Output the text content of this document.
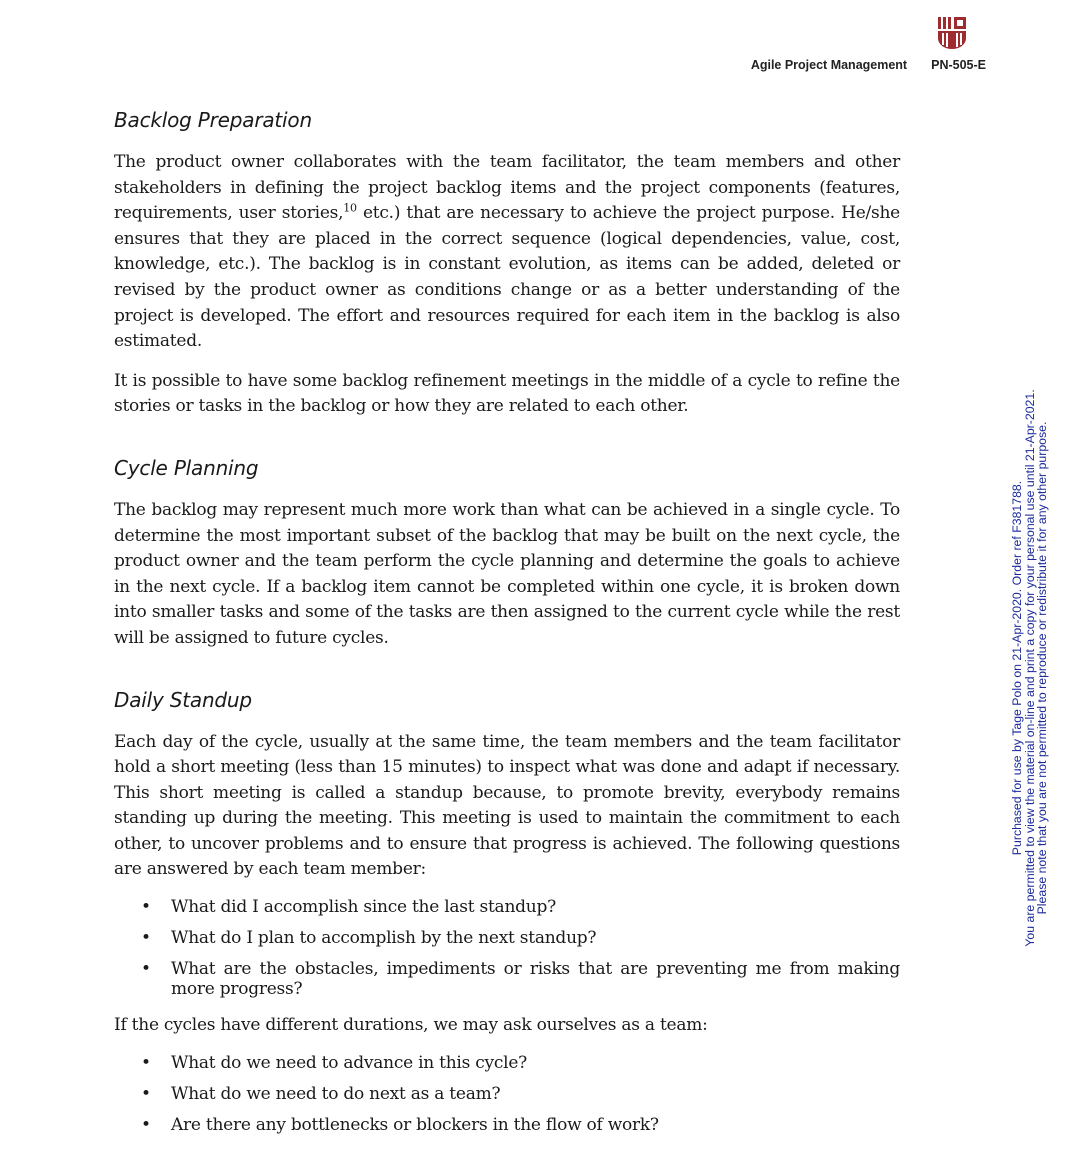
Agile Project Management PN-505-E
Backlog Preparation

The product owner collaborates with the team facilitator, the team members and other stakeholders in defining the project backlog items and the project components (features, requirements, user stories,$^{10}$ etc.) that are necessary to achieve the project purpose. He/she ensures that they are placed in the correct sequence (logical dependencies, value, cost, knowledge, etc.). The backlog is in constant evolution, as items can be added, deleted or revised by the product owner as conditions change or as a better understanding of the project is developed. The effort and resources required for each item in the backlog is also estimated.

It is possible to have some backlog refinement meetings in the middle of a cycle to refine the stories or tasks in the backlog or how they are related to each other.

Cycle Planning

The backlog may represent much more work than what can be achieved in a single cycle. To determine the most important subset of the backlog that may be built on the next cycle, the product owner and the team perform the cycle planning and determine the goals to achieve in the next cycle. If a backlog item cannot be completed within one cycle, it is broken down into smaller tasks and some of the tasks are then assigned to the current cycle while the rest will be assigned to future cycles.

Daily Standup

Each day of the cycle, usually at the same time, the team members and the team facilitator hold a short meeting (less than 15 minutes) to inspect what was done and adapt if necessary. This short meeting is called a standup because, to promote brevity, everybody remains standing up during the meeting. This meeting is used to maintain the commitment to each other, to uncover problems and to ensure that progress is achieved. The following questions are answered by each team member:

• What did I accomplish since the last standup?
• What do I plan to accomplish by the next standup?
• What are the obstacles, impediments or risks that are preventing me from making more progress?

If the cycles have different durations, we may ask ourselves as a team:

• What do we need to advance in this cycle?
• What do we need to do next as a team?
• Are there any bottlenecks or blockers in the flow of work?
Purchased for use by Tage Polo on 21-Apr-2020. Order ref F381788.
You are permitted to view the material on-line and print a copy for your personal use until 21-Apr-2021.
Please note that you are not permitted to reproduce or redistribute it for any other purpose.
